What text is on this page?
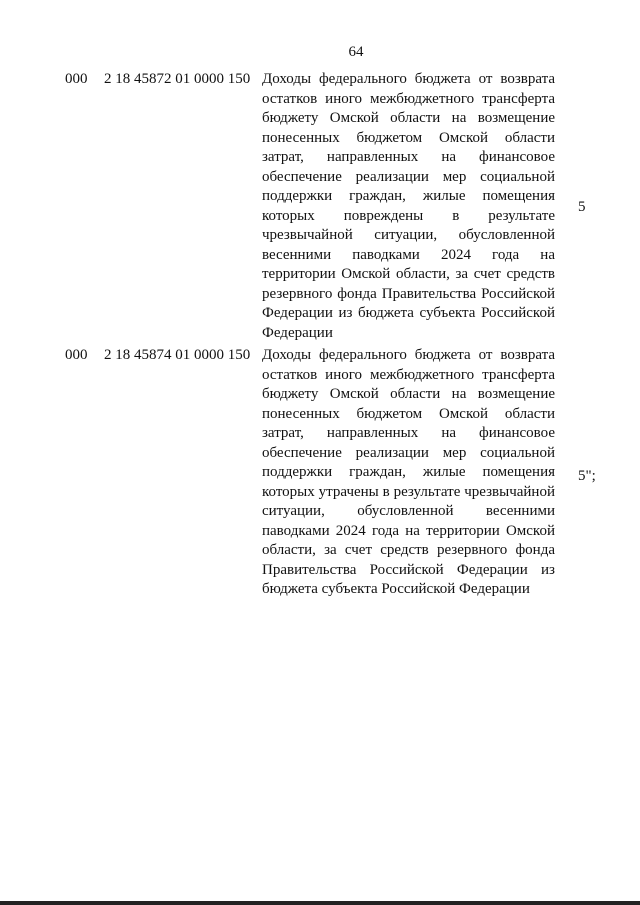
64
000 2 18 45872 01 0000 150 Доходы федерального бюджета от возврата остатков иного межбюджетного трансферта бюджету Омской области на возмещение понесенных бюджетом Омской области затрат, направленных на финансовое обеспечение реализации мер социальной поддержки граждан, жилые помещения которых повреждены в результате чрезвычайной ситуации, обусловленной весенними паводками 2024 года на территории Омской области, за счет средств резервного фонда Правительства Российской Федерации из бюджета субъекта Российской Федерации
5
000 2 18 45874 01 0000 150 Доходы федерального бюджета от возврата остатков иного межбюджетного трансферта бюджету Омской области на возмещение понесенных бюджетом Омской области затрат, направленных на финансовое обеспечение реализации мер социальной поддержки граждан, жилые помещения которых утрачены в результате чрезвычайной ситуации, обусловленной весенними паводками 2024 года на территории Омской области, за счет средств резервного фонда Правительства Российской Федерации из бюджета субъекта Российской Федерации
5";
